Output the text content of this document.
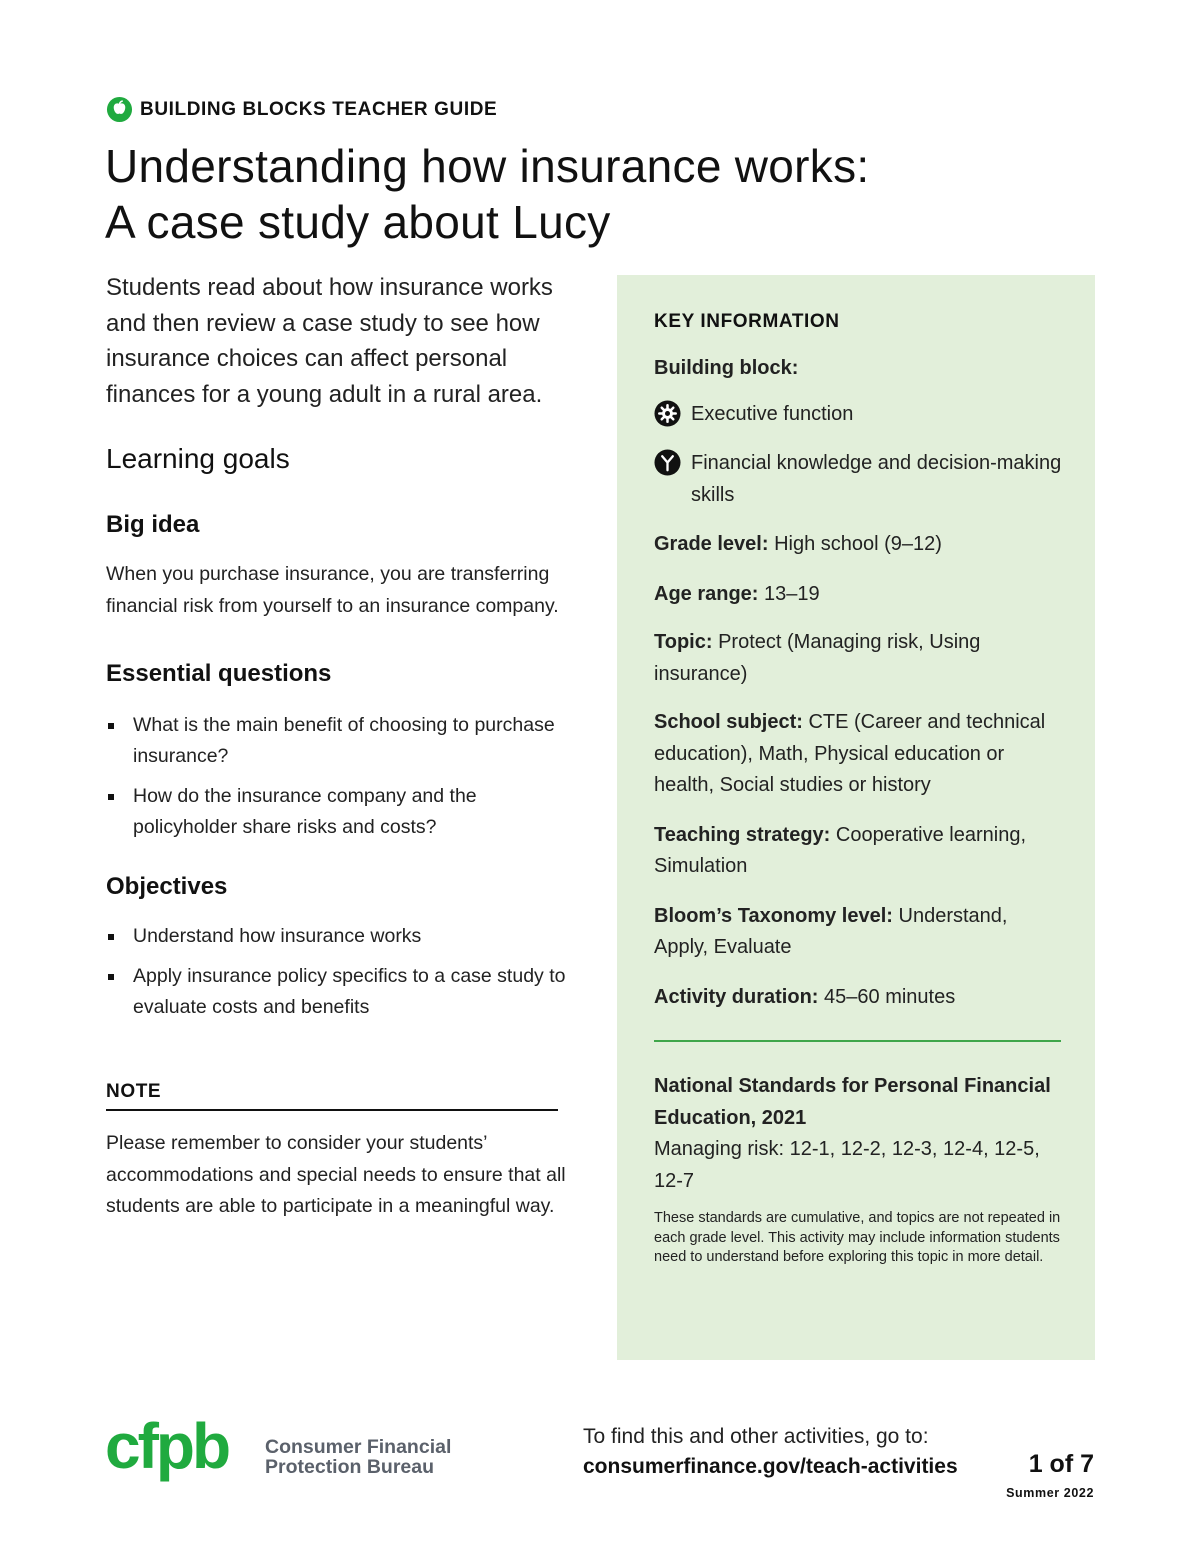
BUILDING BLOCKS TEACHER GUIDE
Understanding how insurance works:
A case study about Lucy

Students read about how insurance works and then review a case study to see how insurance choices can affect personal finances for a young adult in a rural area.

Learning goals
Big idea

When you purchase insurance, you are transferring financial risk from yourself to an insurance company.

Essential questions
What is the main benefit of choosing to purchase insurance?
How do the insurance company and the policyholder share risks and costs?
Objectives
Understand how insurance works
Apply insurance policy specifics to a case study to evaluate costs and benefits
NOTE

Please remember to consider your students’ accommodations and special needs to ensure that all students are able to participate in a meaningful way.

KEY INFORMATION

Building block:

Executive function
Financial knowledge and decision-making skills

Grade level: High school (9–12)

Age range: 13–19

Topic: Protect (Managing risk, Using insurance)

School subject: CTE (Career and technical education), Math, Physical education or health, Social studies or history

Teaching strategy: Cooperative learning, Simulation

Bloom’s Taxonomy level: Understand, Apply, Evaluate

Activity duration: 45–60 minutes

National Standards for Personal Financial Education, 2021

Managing risk: 12-1, 12-2, 12-3, 12-4, 12-5, 12-7

These standards are cumulative, and topics are not repeated in each grade level. This activity may include information students need to understand before exploring this topic in more detail.

cfpb Consumer Financial
Protection Bureau
To find this and other activities, go to:
consumerfinance.gov/teach-activities	1 of 7
Summer 2022
